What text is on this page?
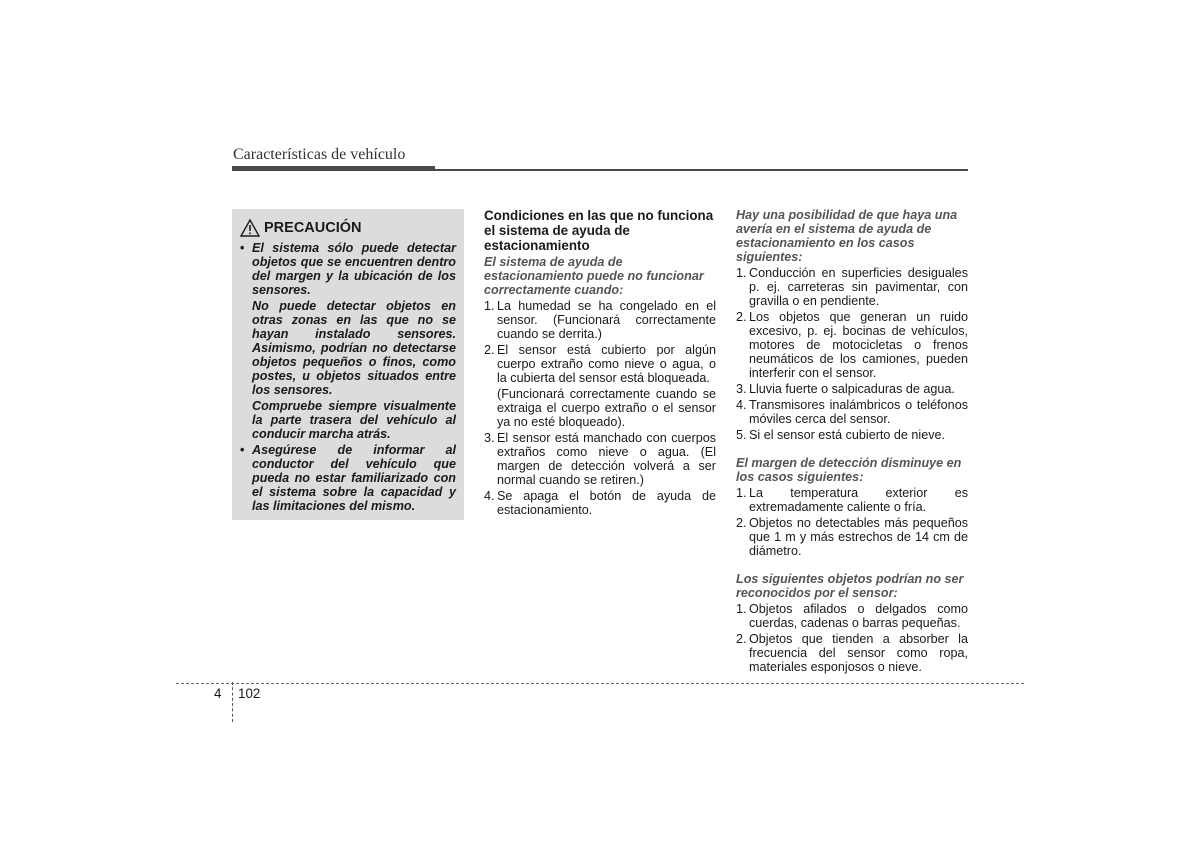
Características de vehículo
PRECAUCIÓN
• El sistema sólo puede detectar objetos que se encuentren dentro del margen y la ubicación de los sensores.
No puede detectar objetos en otras zonas en las que no se hayan instalado sensores. Asimismo, podrían no detectarse objetos pequeños o finos, como postes, u objetos situados entre los sensores.
Compruebe siempre visualmente la parte trasera del vehículo al conducir marcha atrás.
• Asegúrese de informar al conductor del vehículo que pueda no estar familiarizado con el sistema sobre la capacidad y las limitaciones del mismo.
Condiciones en las que no funciona el sistema de ayuda de estacionamiento
El sistema de ayuda de estacionamiento puede no funcionar correctamente cuando:
1. La humedad se ha congelado en el sensor. (Funcionará correctamente cuando se derrita.)
2. El sensor está cubierto por algún cuerpo extraño como nieve o agua, o la cubierta del sensor está bloqueada.
(Funcionará correctamente cuando se extraiga el cuerpo extraño o el sensor ya no esté bloqueado).
3. El sensor está manchado con cuerpos extraños como nieve o agua. (El margen de detección volverá a ser normal cuando se retiren.)
4. Se apaga el botón de ayuda de estacionamiento.
Hay una posibilidad de que haya una avería en el sistema de ayuda de estacionamiento en los casos siguientes:
1. Conducción en superficies desiguales p. ej. carreteras sin pavimentar, con gravilla o en pendiente.
2. Los objetos que generan un ruido excesivo, p. ej. bocinas de vehículos, motores de motocicletas o frenos neumáticos de los camiones, pueden interferir con el sensor.
3. Lluvia fuerte o salpicaduras de agua.
4. Transmisores inalámbricos o teléfonos móviles cerca del sensor.
5. Si el sensor está cubierto de nieve.
El margen de detección disminuye en los casos siguientes:
1. La temperatura exterior es extremadamente caliente o fría.
2. Objetos no detectables más pequeños que 1 m y más estrechos de 14 cm de diámetro.
Los siguientes objetos podrían no ser reconocidos por el sensor:
1. Objetos afilados o delgados como cuerdas, cadenas o barras pequeñas.
2. Objetos que tienden a absorber la frecuencia del sensor como ropa, materiales esponjosos o nieve.
4 102
